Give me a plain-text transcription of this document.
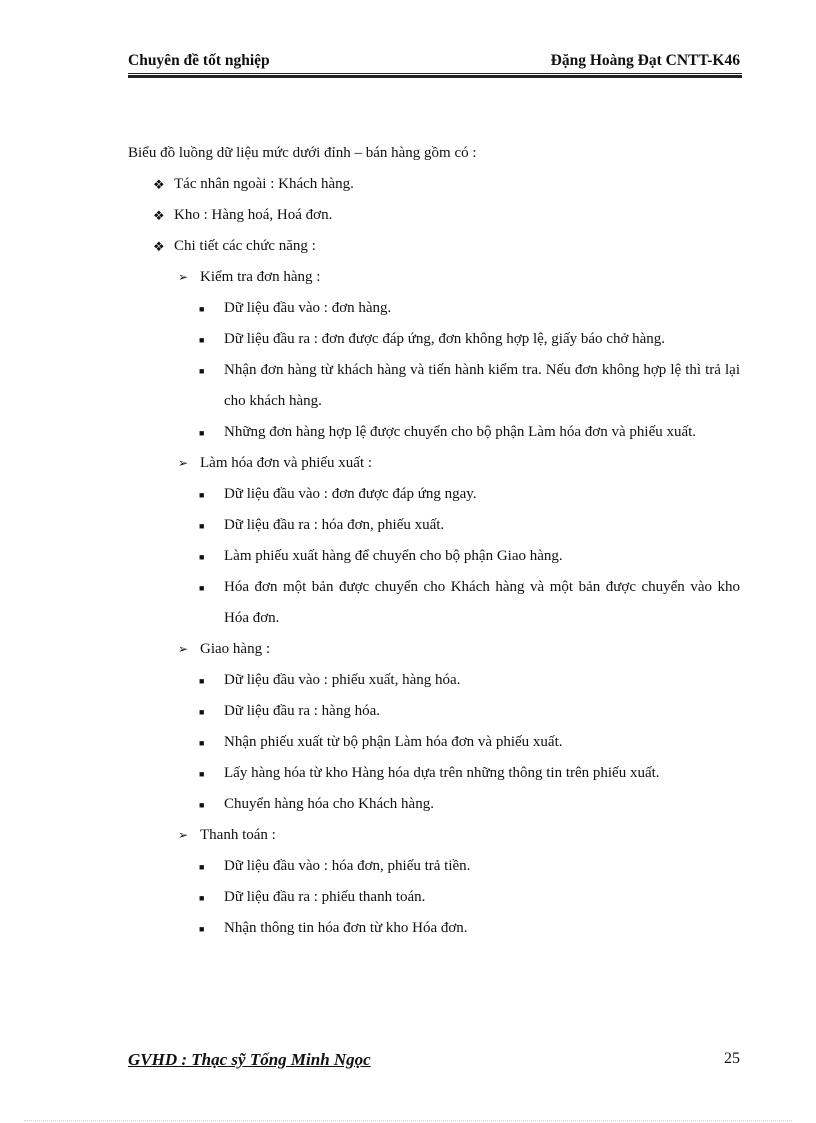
Chuyên đề tốt nghiệp	Đặng Hoàng Đạt CNTT-K46
Biểu đồ luồng dữ liệu mức dưới đỉnh – bán hàng gồm có :
❖ Tác nhân ngoài : Khách hàng.
❖ Kho : Hàng hoá, Hoá đơn.
❖ Chi tiết các chức năng :
➢ Kiểm tra đơn hàng :
■ Dữ liệu đầu vào : đơn hàng.
■ Dữ liệu đầu ra : đơn được đáp ứng, đơn không hợp lệ, giấy báo chở hàng.
■ Nhận đơn hàng từ khách hàng và tiến hành kiểm tra. Nếu đơn không hợp lệ thì trả lại cho khách hàng.
■ Những đơn hàng hợp lệ được chuyển cho bộ phận Làm hóa đơn và phiếu xuất.
➢ Làm hóa đơn và phiếu xuất :
■ Dữ liệu đầu vào : đơn được đáp ứng ngay.
■ Dữ liệu đầu ra : hóa đơn, phiếu xuất.
■ Làm phiếu xuất hàng để chuyển cho bộ phận Giao hàng.
■ Hóa đơn một bản được chuyển cho Khách hàng và một bản được chuyển vào kho Hóa đơn.
➢ Giao hàng :
■ Dữ liệu đầu vào : phiếu xuất, hàng hóa.
■ Dữ liệu đầu ra : hàng hóa.
■ Nhận phiếu xuất từ bộ phận Làm hóa đơn và phiếu xuất.
■ Lấy hàng hóa từ kho Hàng hóa dựa trên những thông tin trên phiếu xuất.
■ Chuyển hàng hóa cho Khách hàng.
➢ Thanh toán :
■ Dữ liệu đầu vào : hóa đơn, phiếu trả tiền.
■ Dữ liệu đầu ra : phiếu thanh toán.
■ Nhận thông tin hóa đơn từ kho Hóa đơn.
GVHD : Thạc sỹ Tống Minh Ngọc	25
